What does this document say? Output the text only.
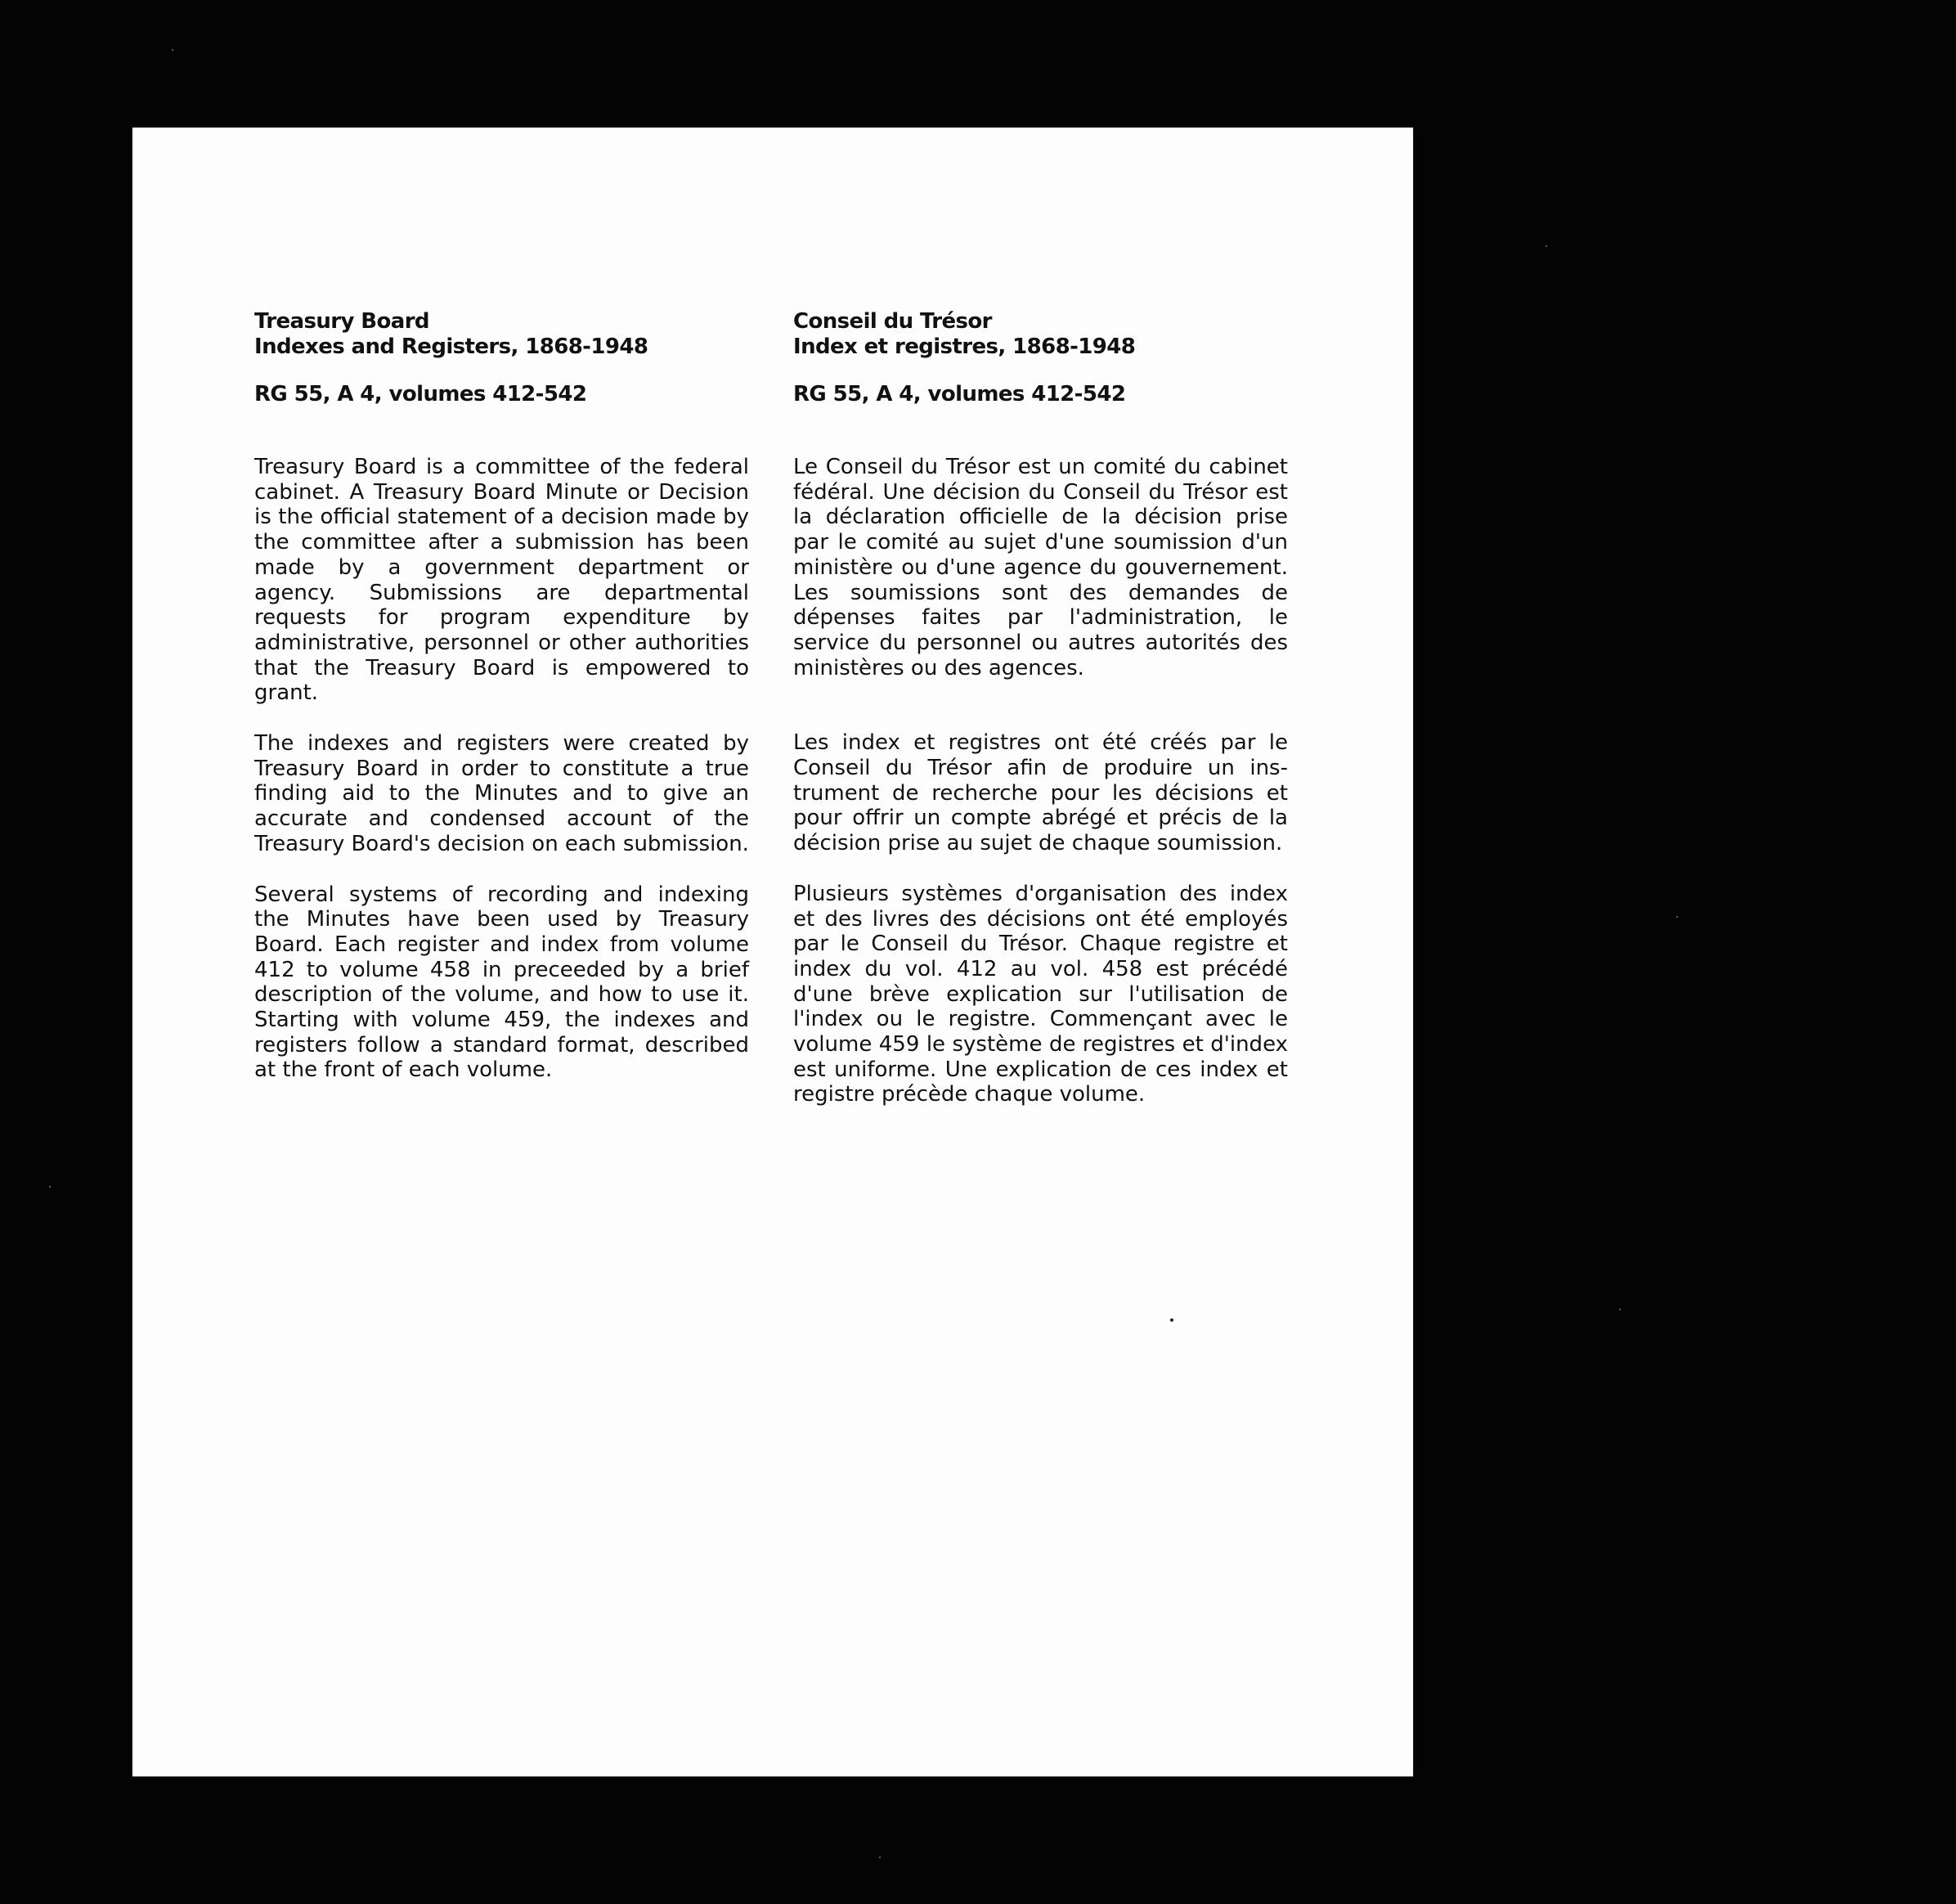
Treasury Board
Indexes and Registers, 1868-1948
RG 55, A 4, volumes 412-542

Treasury Board is a committee of the federal cabinet. A Treasury Board Minute or Decision is the official statement of a decision made by the committee after a submission has been made by a government department or agency. Submissions are departmental requests for program expenditure by administrative, personnel or other authorities that the Treasury Board is empowered to grant.

The indexes and registers were created by Treasury Board in order to constitute a true finding aid to the Minutes and to give an accurate and condensed account of the Treasury Board's decision on each submission.

Several systems of recording and indexing the Minutes have been used by Treasury Board. Each register and index from volume 412 to volume 458 in preceeded by a brief description of the volume, and how to use it. Starting with volume 459, the indexes and registers follow a standard format, described at the front of each volume.

Conseil du Trésor
Index et registres, 1868-1948
RG 55, A 4, volumes 412-542

Le Conseil du Trésor est un comité du cabinet fédéral. Une décision du Conseil du Trésor est la déclaration officielle de la décision prise par le comité au sujet d'une soumission d'un ministère ou d'une agence du gouvernement. Les soumissions sont des demandes de dépenses faites par l'administration, le service du personnel ou autres autorités des ministères ou des agences.

Les index et registres ont été créés par le Conseil du Trésor afin de produire un instrument de recherche pour les décisions et pour offrir un compte abrégé et précis de la décision prise au sujet de chaque soumission.

Plusieurs systèmes d'organisation des index et des livres des décisions ont été employés par le Conseil du Trésor. Chaque registre et index du vol. 412 au vol. 458 est précédé d'une brève explication sur l'utilisation de l'index ou le registre. Commençant avec le volume 459 le système de registres et d'index est uniforme. Une explication de ces index et registre précède chaque volume.
